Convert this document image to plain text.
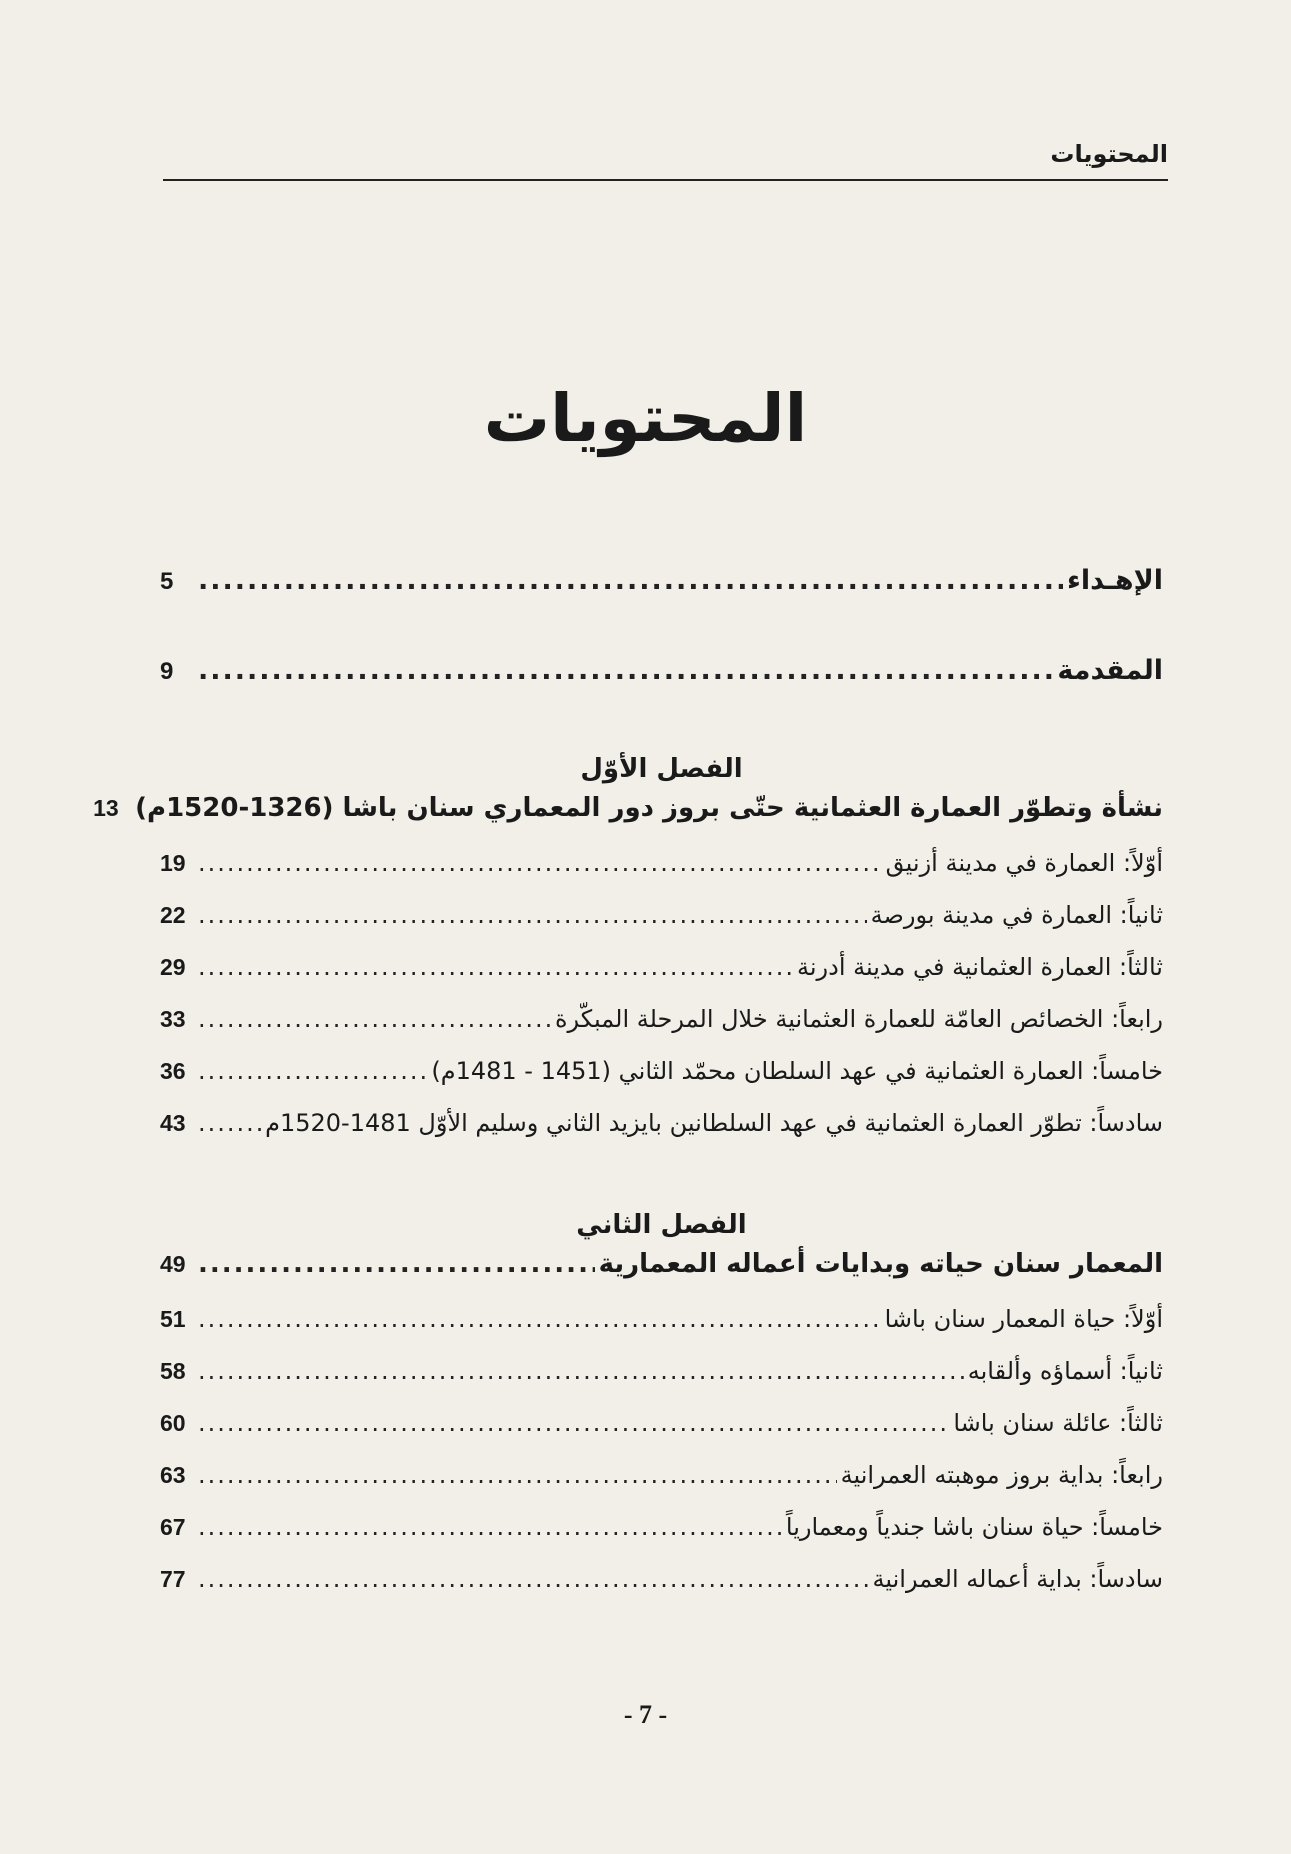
المحتويات
المحتويات
الإهـداء
.....
5
المقدمة
.....
9
الفصل الأوّل
نشأة وتطوّر العمارة العثمانية حتّى بروز دور المعماري سنان باشا (1326-1520م)
13
أوّلاً: العمارة في مدينة أزنيق
.....
19
ثانياً: العمارة في مدينة بورصة
.....
22
ثالثاً: العمارة العثمانية في مدينة أدرنة
.....
29
رابعاً: الخصائص العامّة للعمارة العثمانية خلال المرحلة المبكّرة
.....
33
خامساً: العمارة العثمانية في عهد السلطان محمّد الثاني (1451 - 1481م)
.....
36
سادساً: تطوّر العمارة العثمانية في عهد السلطانين بايزيد الثاني وسليم الأوّل 1481-1520م
.....
43
الفصل الثاني
المعمار سنان حياته وبدايات أعماله المعمارية
.....
49
أوّلاً: حياة المعمار سنان باشا
.....
51
ثانياً: أسماؤه وألقابه
.....
58
ثالثاً: عائلة سنان باشا
.....
60
رابعاً: بداية بروز موهبته العمرانية
.....
63
خامساً: حياة سنان باشا جندياً ومعمارياً
.....
67
سادساً: بداية أعماله العمرانية
.....
77
- 7 -
